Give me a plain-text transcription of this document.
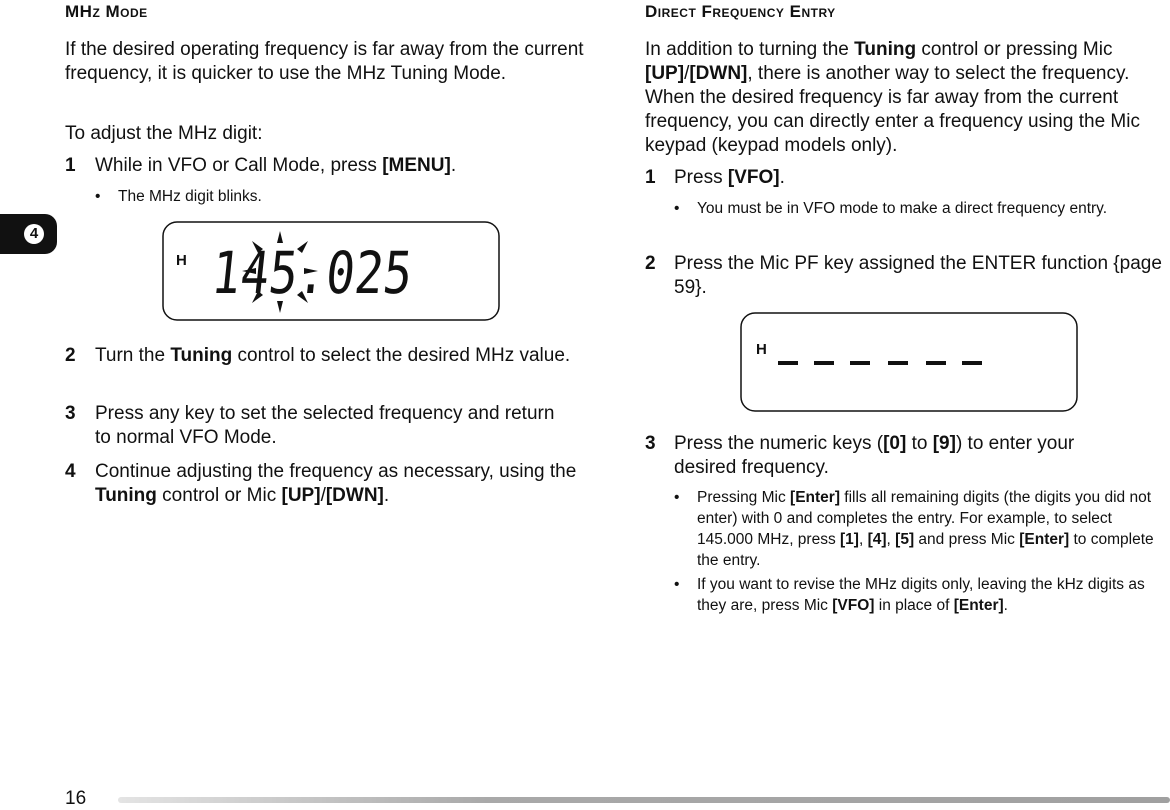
4
MHz Mode

If the desired operating frequency is far away from the current frequency, it is quicker to use the MHz Tuning Mode.

To adjust the MHz digit:

1 While in VFO or Call Mode, press [MENU].
• The MHz digit blinks.
H 145.025
2 Turn the Tuning control to select the desired MHz value.
3 Press any key to set the selected frequency and return to normal VFO Mode.
4 Continue adjusting the frequency as necessary, using the Tuning control or Mic [UP]/[DWN].
Direct Frequency Entry

In addition to turning the Tuning control or pressing Mic [UP]/[DWN], there is another way to select the frequency. When the desired frequency is far away from the current frequency, you can directly enter a frequency using the Mic keypad (keypad models only).

1 Press [VFO].
• You must be in VFO mode to make a direct frequency entry.
2 Press the Mic PF key assigned the ENTER function {page 59}.
H
3 Press the numeric keys ([0] to [9]) to enter your desired frequency.
• Pressing Mic [Enter] fills all remaining digits (the digits you did not enter) with 0 and completes the entry. For example, to select 145.000 MHz, press [1], [4], [5] and press Mic [Enter] to complete the entry.
• If you want to revise the MHz digits only, leaving the kHz digits as they are, press Mic [VFO] in place of [Enter].
16
